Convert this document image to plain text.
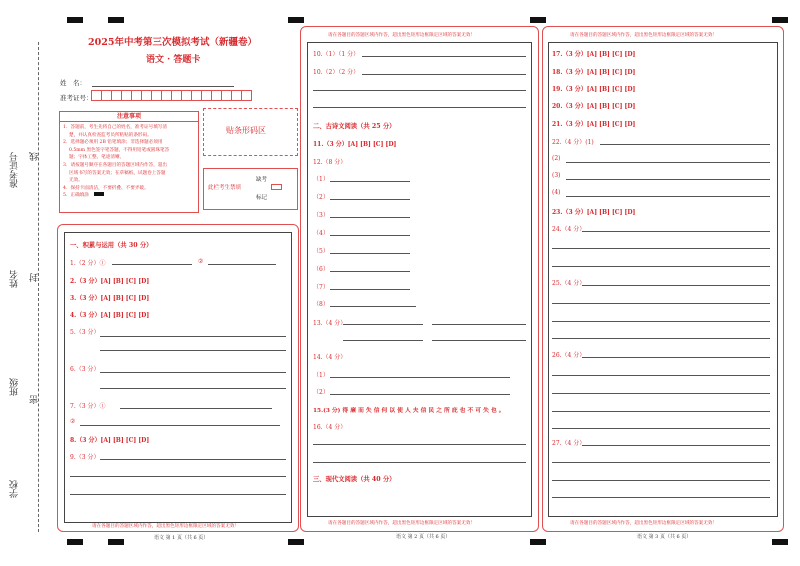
准考证号 线
姓名 封
班级
密
学校
2025年中考第三次模拟考试（新疆卷）
语文 · 答题卡
姓　名：
准考证号：
注意事项
1．答题前，考生先将自己的姓名，准考证号填写清
楚，并认真检查监考员所粘贴的条形码。
2．选择题必须用 2B 铅笔填涂；非选择题必须用
0.5mm 黑色签字笔答题，不得用铅笔或圆珠笔答
题；字体工整、笔迹清晰。
3．请按题号顺序在各题目的答题区域内作答，超出
区域书写的答案无效；在草稿纸、试题卷上答题
无效。
4．保持卡面清洁，不要折叠、不要弄破。
5．正确填涂
贴条形码区
此栏考生禁填
缺考
标记
请在各题目的答题区域内作答，超出黑色矩形边框限定区域的答案无效！
语文 第 1 页（共 6 页）
一、积累与运用（共 30 分）
1.（2 分）①	②
2.（3 分）[A] [B] [C] [D]
3.（3 分）[A] [B] [C] [D]
4.（3 分）[A] [B] [C] [D]
5.（3 分）
6.（3 分）
7.（3 分）①
②
8.（3 分）[A] [B] [C] [D]
9.（3 分）
请在各题目的答题区域内作答，超出黑色矩形边框限定区域的答案无效！
请在各题目的答题区域内作答，超出黑色矩形边框限定区域的答案无效！
语文 第 2 页（共 6 页）
10.（1）（1 分）
10.（2）（2 分）
二、古诗文阅读（共 25 分）
11.（3 分）[A] [B] [C] [D]
12.（8 分）
（1）
（2）
（3）
（4）
（5）
（6）
（7）
（8）
13.（4 分）
14.（4 分）
（1）
（2）
15.(3 分) 得 廉 而 失 信 何 以 使 人 夫 信 民 之 所 庇 也 不 可 失 也 。
16.（4 分）
三、现代文阅读（共 40 分）
请在各题目的答题区域内作答，超出黑色矩形边框限定区域的答案无效！
请在各题目的答题区域内作答，超出黑色矩形边框限定区域的答案无效！
语文 第 3 页（共 6 页）
17.（3 分）[A] [B] [C] [D]
18.（3 分）[A] [B] [C] [D]
19.（3 分）[A] [B] [C] [D]
20.（3 分）[A] [B] [C] [D]
21.（3 分）[A] [B] [C] [D]
22.（4 分）(1)
(2)
(3)
(4)
23.（3 分）[A] [B] [C] [D]
24.（4 分）
25.（4 分）
26.（4 分）
27.（4 分）
